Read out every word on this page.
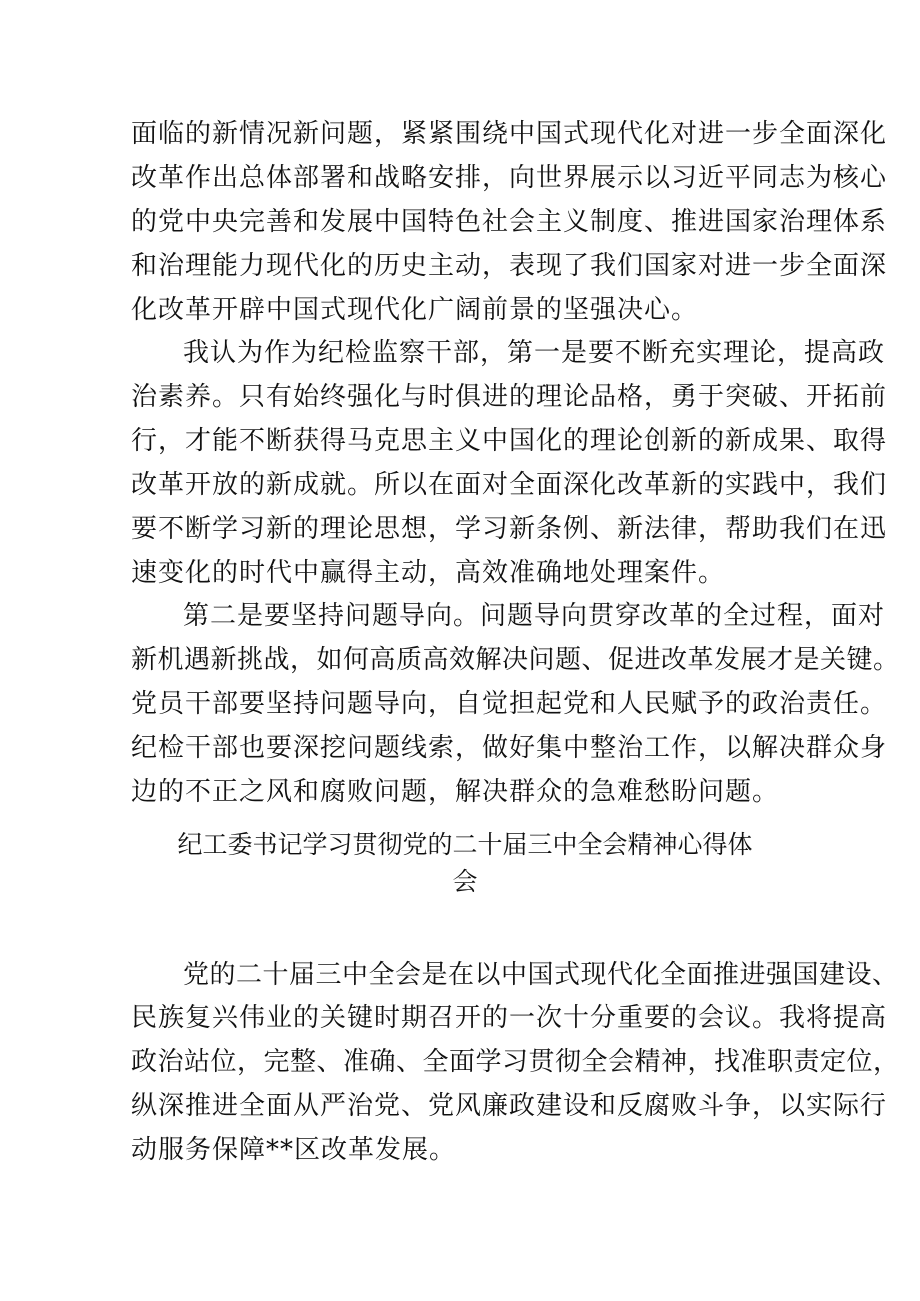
面临的新情况新问题，紧紧围绕中国式现代化对进一步全面深化
改革作出总体部署和战略安排，向世界展示以习近平同志为核心
的党中央完善和发展中国特色社会主义制度、推进国家治理体系
和治理能力现代化的历史主动，表现了我们国家对进一步全面深
化改革开辟中国式现代化广阔前景的坚强决心。
我认为作为纪检监察干部，第一是要不断充实理论，提高政
治素养。只有始终强化与时俱进的理论品格，勇于突破、开拓前
行，才能不断获得马克思主义中国化的理论创新的新成果、取得
改革开放的新成就。所以在面对全面深化改革新的实践中，我们
要不断学习新的理论思想，学习新条例、新法律，帮助我们在迅
速变化的时代中赢得主动，高效准确地处理案件。
第二是要坚持问题导向。问题导向贯穿改革的全过程，面对
新机遇新挑战，如何高质高效解决问题、促进改革发展才是关键。
党员干部要坚持问题导向，自觉担起党和人民赋予的政治责任。
纪检干部也要深挖问题线索，做好集中整治工作，以解决群众身
边的不正之风和腐败问题，解决群众的急难愁盼问题。
纪工委书记学习贯彻党的二十届三中全会精神心得体
会
党的二十届三中全会是在以中国式现代化全面推进强国建设、
民族复兴伟业的关键时期召开的一次十分重要的会议。我将提高
政治站位，完整、准确、全面学习贯彻全会精神，找准职责定位，
纵深推进全面从严治党、党风廉政建设和反腐败斗争，以实际行
动服务保障**区改革发展。
